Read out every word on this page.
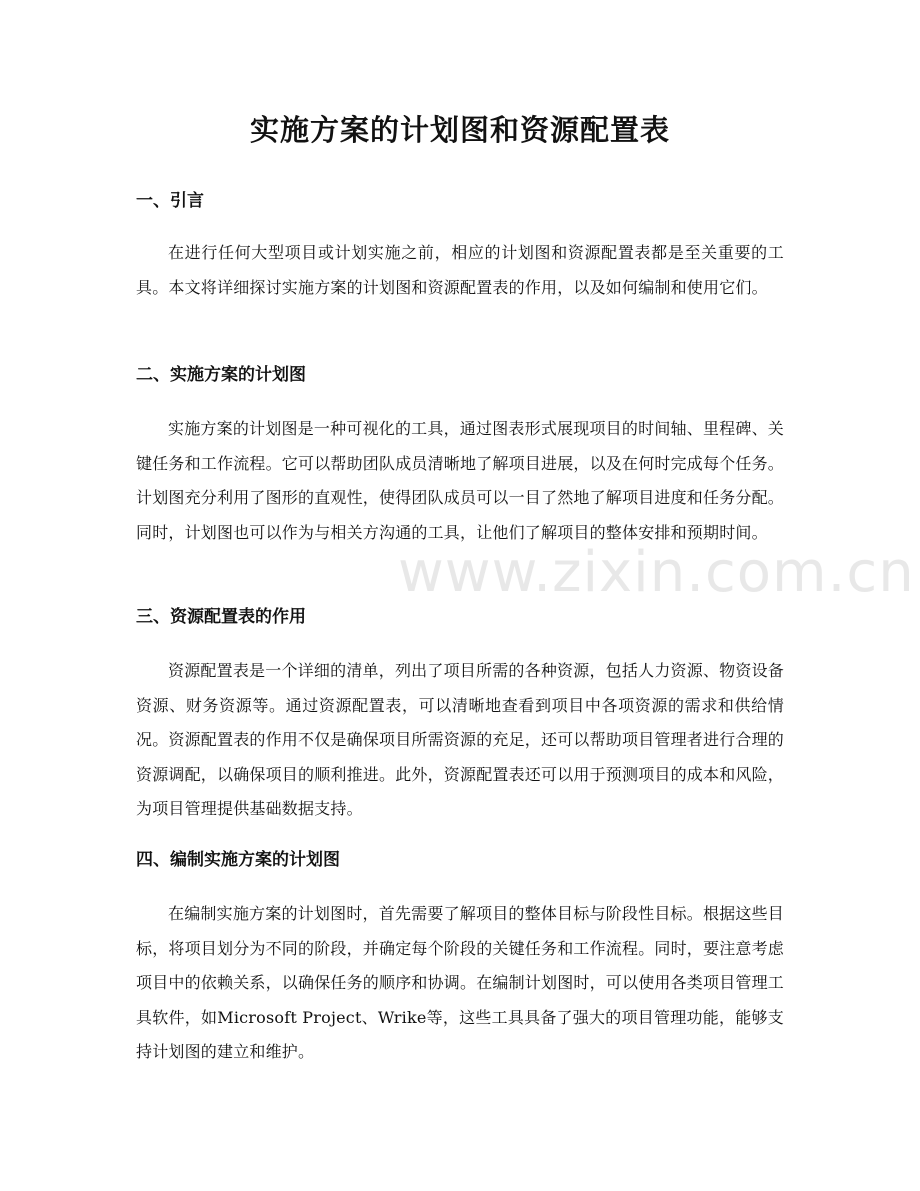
实施方案的计划图和资源配置表
一、引言

在进行任何大型项目或计划实施之前，相应的计划图和资源配置表都是至关重要的工具。本文将详细探讨实施方案的计划图和资源配置表的作用，以及如何编制和使用它们。

二、实施方案的计划图

实施方案的计划图是一种可视化的工具，通过图表形式展现项目的时间轴、里程碑、关键任务和工作流程。它可以帮助团队成员清晰地了解项目进展，以及在何时完成每个任务。计划图充分利用了图形的直观性，使得团队成员可以一目了然地了解项目进度和任务分配。同时，计划图也可以作为与相关方沟通的工具，让他们了解项目的整体安排和预期时间。

三、资源配置表的作用

资源配置表是一个详细的清单，列出了项目所需的各种资源，包括人力资源、物资设备资源、财务资源等。通过资源配置表，可以清晰地查看到项目中各项资源的需求和供给情况。资源配置表的作用不仅是确保项目所需资源的充足，还可以帮助项目管理者进行合理的资源调配，以确保项目的顺利推进。此外，资源配置表还可以用于预测项目的成本和风险，为项目管理提供基础数据支持。

四、编制实施方案的计划图

在编制实施方案的计划图时，首先需要了解项目的整体目标与阶段性目标。根据这些目标，将项目划分为不同的阶段，并确定每个阶段的关键任务和工作流程。同时，要注意考虑项目中的依赖关系，以确保任务的顺序和协调。在编制计划图时，可以使用各类项目管理工具软件，如Microsoft Project、Wrike等，这些工具具备了强大的项目管理功能，能够支持计划图的建立和维护。

www.zixin.com.cn
